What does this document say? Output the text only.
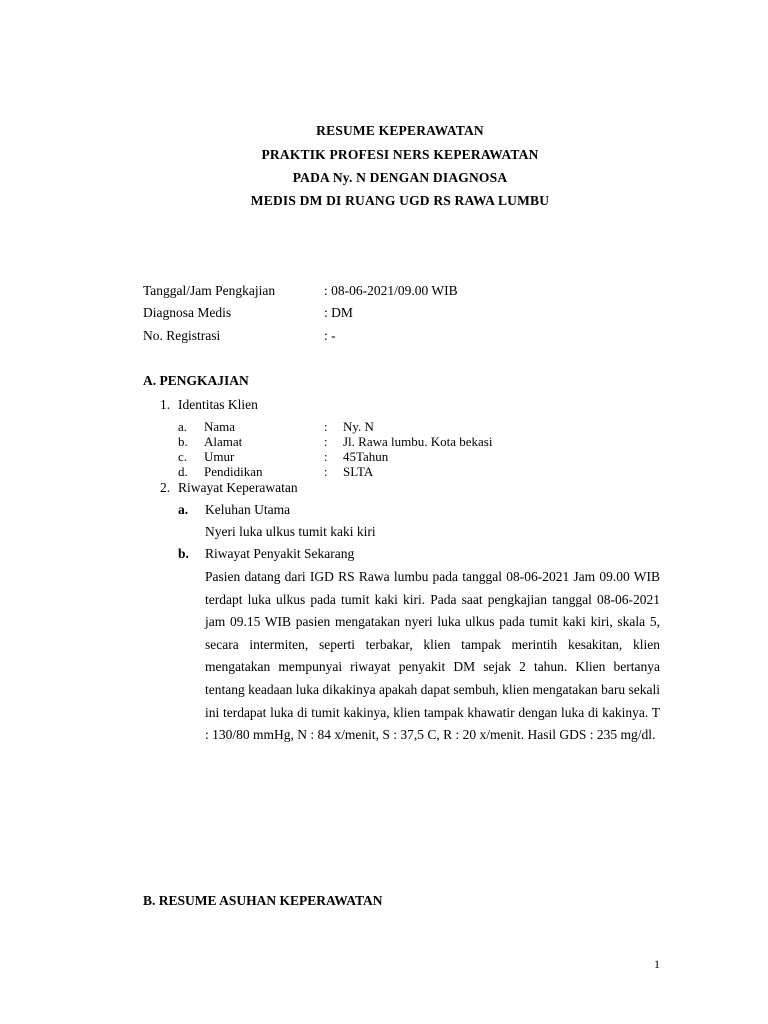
RESUME KEPERAWATAN
PRAKTIK PROFESI NERS KEPERAWATAN
PADA Ny. N DENGAN DIAGNOSA
MEDIS DM DI RUANG UGD RS RAWA LUMBU
Tanggal/Jam Pengkajian	: 08-06-2021/09.00 WIB
Diagnosa Medis	: DM
No. Registrasi	: -
A. PENGKAJIAN
1. Identitas Klien
a. Nama	: Ny. N
b. Alamat	: Jl. Rawa lumbu. Kota bekasi
c. Umur	: 45Tahun
d. Pendidikan	: SLTA
2. Riwayat Keperawatan
a. Keluhan Utama
Nyeri luka ulkus tumit kaki kiri
b. Riwayat Penyakit Sekarang
Pasien datang dari IGD RS Rawa lumbu pada tanggal 08-06-2021 Jam 09.00 WIB terdapt luka ulkus pada tumit kaki kiri. Pada saat pengkajian tanggal 08-06-2021 jam 09.15 WIB pasien mengatakan nyeri luka ulkus pada tumit kaki kiri, skala 5, secara intermiten, seperti terbakar, klien tampak merintih kesakitan, klien mengatakan mempunyai riwayat penyakit DM sejak 2 tahun. Klien bertanya tentang keadaan luka dikakinya apakah dapat sembuh, klien mengatakan baru sekali ini terdapat luka di tumit kakinya, klien tampak khawatir dengan luka di kakinya. T : 130/80 mmHg, N : 84 x/menit, S : 37,5 C, R : 20 x/menit. Hasil GDS : 235 mg/dl.
B. RESUME ASUHAN KEPERAWATAN
1
